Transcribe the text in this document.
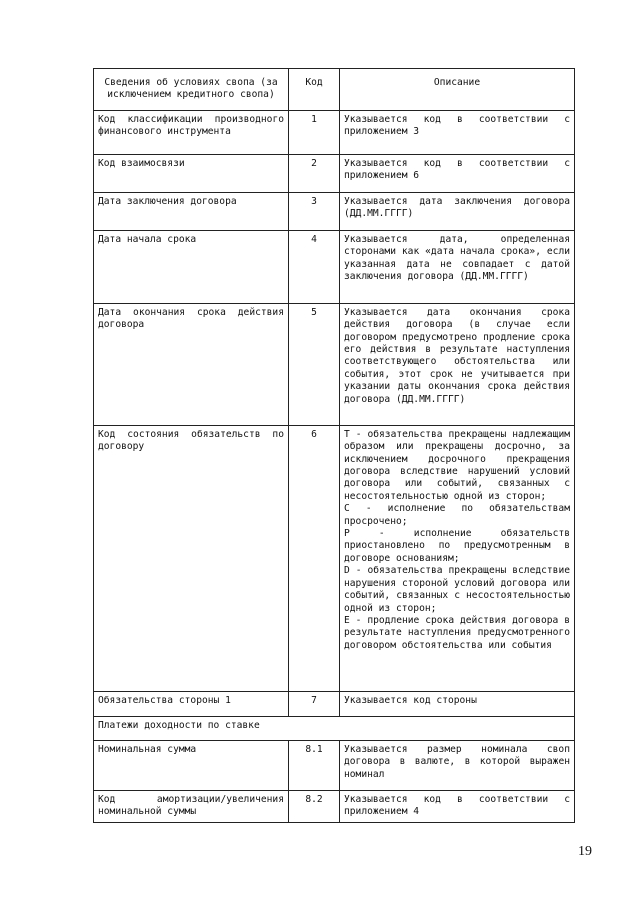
Сведения об условиях свопа (за исключением кредитного свопа)	Код	Описание
Код классификации производного финансового инструмента	1	Указывается код в соответствии с приложением 3
Код взаимосвязи	2	Указывается код в соответствии с приложением 6
Дата заключения договора	3	Указывается дата заключения договора (ДД.ММ.ГГГГ)
Дата начала срока	4	Указывается дата, определенная сторонами как «дата начала срока», если указанная дата не совпадает с датой заключения договора (ДД.ММ.ГГГГ)
Дата окончания срока действия договора	5	Указывается дата окончания срока действия договора (в случае если договором предусмотрено продление срока его действия в результате наступления соответствующего обстоятельства или события, этот срок не учитывается при указании даты окончания срока действия договора (ДД.ММ.ГГГГ)
Код состояния обязательств по договору	6	T - обязательства прекращены надлежащим образом или прекращены досрочно, за исключением досрочного прекращения договора вследствие нарушений условий договора или событий, связанных с несостоятельностью одной из сторон;
C - исполнение по обязательствам просрочено;
P - исполнение обязательств приостановлено по предусмотренным в договоре основаниям;
D - обязательства прекращены вследствие нарушения стороной условий договора или событий, связанных с несостоятельностью одной из сторон;
E - продление срока действия договора в результате наступления предусмотренного договором обстоятельства или события

Обязательства стороны 1	7	Указывается код стороны
Платежи доходности по ставке		
Номинальная сумма	8.1	Указывается размер номинала своп договора в валюте, в которой выражен номинал
Код амортизации/увеличения номинальной суммы	8.2	Указывается код в соответствии с приложением 4
19
